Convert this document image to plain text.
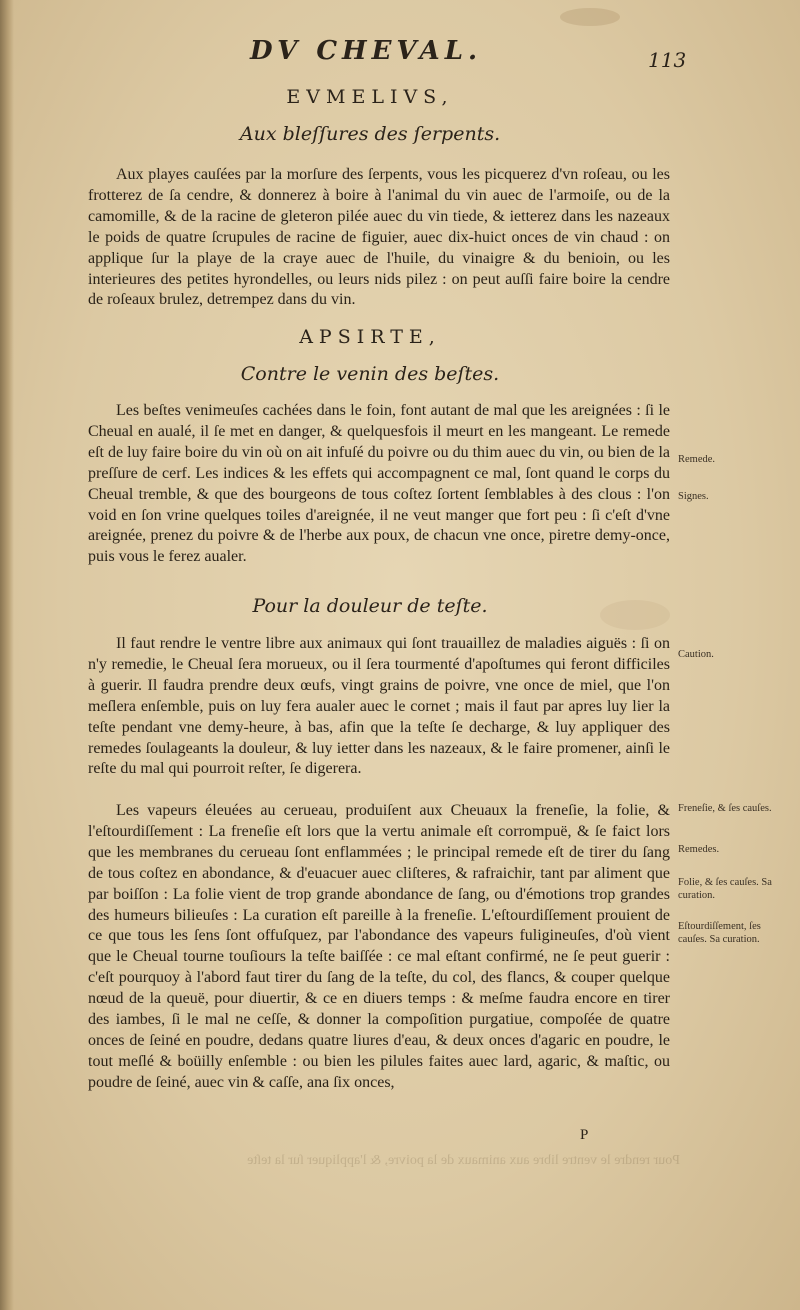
DV CHEVAL.	113
EVMELIVS,
Aux bleſſures des ſerpents.
Aux playes cauſées par la morſure des ſerpents, vous les picquerez d'vn roſeau, ou les frotterez de ſa cendre, & donnerez à boire à l'animal du vin auec de l'armoiſe, ou de la camomille, & de la racine de gleteron pilée auec du vin tiede, & ietterez dans les nazeaux le poids de quatre ſcrupules de racine de figuier, auec dix-huict onces de vin chaud : on applique ſur la playe de la craye auec de l'huile, du vinaigre & du benioin, ou les interieures des petites hyrondelles, ou leurs nids pilez : on peut auſſi faire boire la cendre de roſeaux brulez, detrempez dans du vin.
APSIRTE,
Contre le venin des beſtes.
Les beſtes venimeuſes cachées dans le foin, font autant de mal que les areignées : ſi le Cheual en aualé, il ſe met en danger, & quelquesfois il meurt en les mangeant. Le remede eſt de luy faire boire du vin où on ait infuſé du poivre ou du thim auec du vin, ou bien de la preſſure de cerf. Les indices & les effets qui accompagnent ce mal, ſont quand le corps du Cheual tremble, & que des bourgeons de tous coſtez ſortent ſemblables à des clous : l'on void en ſon vrine quelques toiles d'areignée, il ne veut manger que fort peu : ſi c'eſt d'vne areignée, prenez du poivre & de l'herbe aux poux, de chacun vne once, piretre demy-once, puis vous le ferez aualer.
Pour la douleur de teſte.
Il faut rendre le ventre libre aux animaux qui ſont trauaillez de maladies aiguës : ſi on n'y remedie, le Cheual ſera morueux, ou il ſera tourmenté d'apoſtumes qui feront difficiles à guerir. Il faudra prendre deux œufs, vingt grains de poivre, vne once de miel, que l'on meſlera enſemble, puis on luy fera aualer auec le cornet ; mais il faut par apres luy lier la teſte pendant vne demy-heure, à bas, afin que la teſte ſe decharge, & luy appliquer des remedes ſoulageants la douleur, & luy ietter dans les nazeaux, & le faire promener, ainſi le reſte du mal qui pourroit reſter, ſe digerera.
Les vapeurs éleuées au cerueau, produiſent aux Cheuaux la freneſie, la folie, & l'eſtourdiſſement : La freneſie eſt lors que la vertu animale eſt corrompuë, & ſe faict lors que les membranes du cerueau ſont enflammées ; le principal remede eſt de tirer du ſang de tous coſtez en abondance, & d'euacuer auec cliſteres, & rafraichir, tant par aliment que par boiſſon : La folie vient de trop grande abondance de ſang, ou d'émotions trop grandes des humeurs bilieuſes : La curation eſt pareille à la freneſie. L'eſtourdiſſement prouient de ce que tous les ſens ſont offuſquez, par l'abondance des vapeurs fuligineuſes, d'où vient que le Cheual tourne touſiours la teſte baiſſée : ce mal eſtant confirmé, ne ſe peut guerir : c'eſt pourquoy à l'abord faut tirer du ſang de la teſte, du col, des flancs, & couper quelque nœud de la queuë, pour diuertir, & ce en diuers temps : & meſme faudra encore en tirer des iambes, ſi le mal ne ceſſe, & donner la compoſition purgatiue, compoſée de quatre onces de ſeiné en poudre, dedans quatre liures d'eau, & deux onces d'agaric en poudre, le tout meſlé & boüilly enſemble : ou bien les pilules faites auec lard, agaric, & maſtic, ou poudre de ſeiné, auec vin & caſſe, ana ſix onces,
Remede.
Signes.
Caution.
Freneſie, & ſes cauſes.
Remedes.
Folie, & ſes cauſes. Sa curation.
Eſtourdiſſement, ſes cauſes. Sa curation.
P
Pour rendre le ventre libre aux animaux de la poivre, & l'appliquer ſur la teſte
